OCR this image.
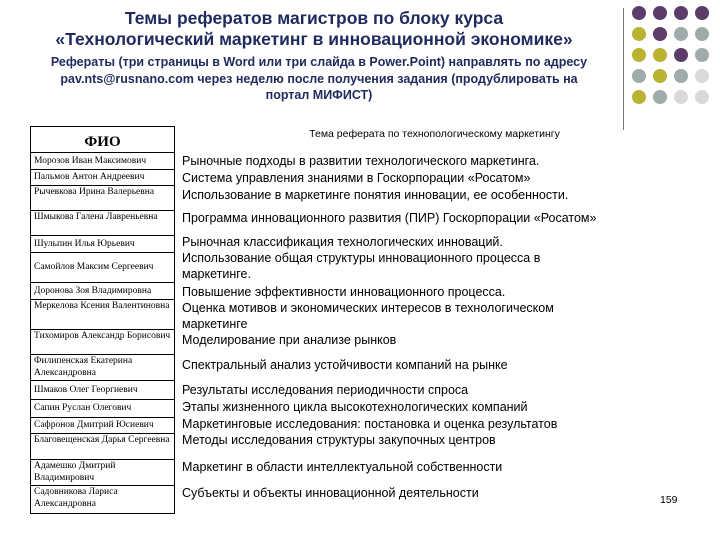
Темы рефератов магистров по блоку курса
«Технологический маркетинг в инновационной экономике»
Рефераты (три страницы в Word или три слайда в Power.Point) направлять по адресу
pav.nts@rusnano.com через неделю после получения задания (продублировать на
портал МИФИСТ)
ФИО
Морозов Иван Максимович
Пальмов Антон Андреевич
Рычевкова Ирина Валерьевна
Шмыкова Галена Лавреньевна
Шульпин Илья Юрьевич
Самойлов Максим Сергеевич
Доронова Зоя Владимировна
Меркелова Ксения Валентиновна
Тихомиров Александр Борисович
Филипенская Екатерина Александровна
Шмаков Олег Георгиевич
Сапин Руслан Олегович
Сафронов Дмитрий Юсиевич
Благовещенская Дарья Сергеевна
Адамешко Дмитрий Владимирович
Садовникова Лариса Александровна
Тема реферата по технопологическому маркетингу
Рыночные подходы в развитии технологического маркетинга.
Система управления знаниями в Госкорпорации «Росатом»
Использование в маркетинге понятия инновации, ее особенности.
Программа инновационного развития (ПИР) Госкорпорации «Росатом»
Рыночная классификация технологических инноваций.
Использование общая структуры инновационного процесса в
маркетинге.
Повышение эффективности инновационного процесса.
Оценка мотивов и экономических интересов в технологическом
маркетинге
Моделирование при анализе рынков
Спектральный анализ устойчивости компаний на рынке
Результаты исследования периодичности спроса
Этапы жизненного цикла высокотехнологических компаний
Маркетинговые исследования: постановка и оценка результатов
Методы исследования структуры закупочных центров
Маркетинг в области интеллектуальной собственности
Субъекты и объекты инновационной деятельности	159
